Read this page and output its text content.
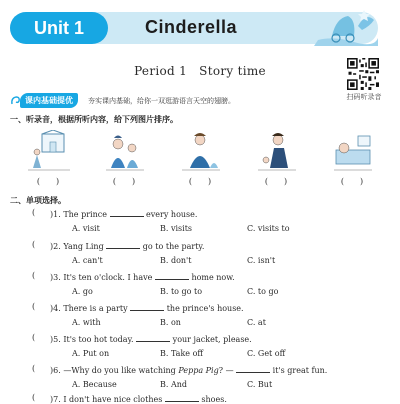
Unit 1	Cinderella
Period 1 Story time
扫码听录音
课内基础提优	夯实课内基础，给你一双逛游语言天空的翅膀。
一、听录音，根据所听内容，给下列图片排序。
(　　)	(　　)	(　　)	(　　)	(　　)
二、单项选择。
( )1. The prince	every house.
A. visit	B. visits	C. visits to
( )2. Yang Ling	go to the party.
A. can't	B. don't	C. isn't
( )3. It's ten o'clock. I have	home now.
A. go	B. to go to	C. to go
( )4. There is a party	the prince's house.
A. with	B. on	C. at
( )5. It's too hot today.	your jacket, please.
A. Put on	B. Take off	C. Get off
( )6. —Why do you like watching Peppa Pig? —	it's great fun.
A. Because	B. And	C. But
( )7. I don't have nice clothes	shoes.
